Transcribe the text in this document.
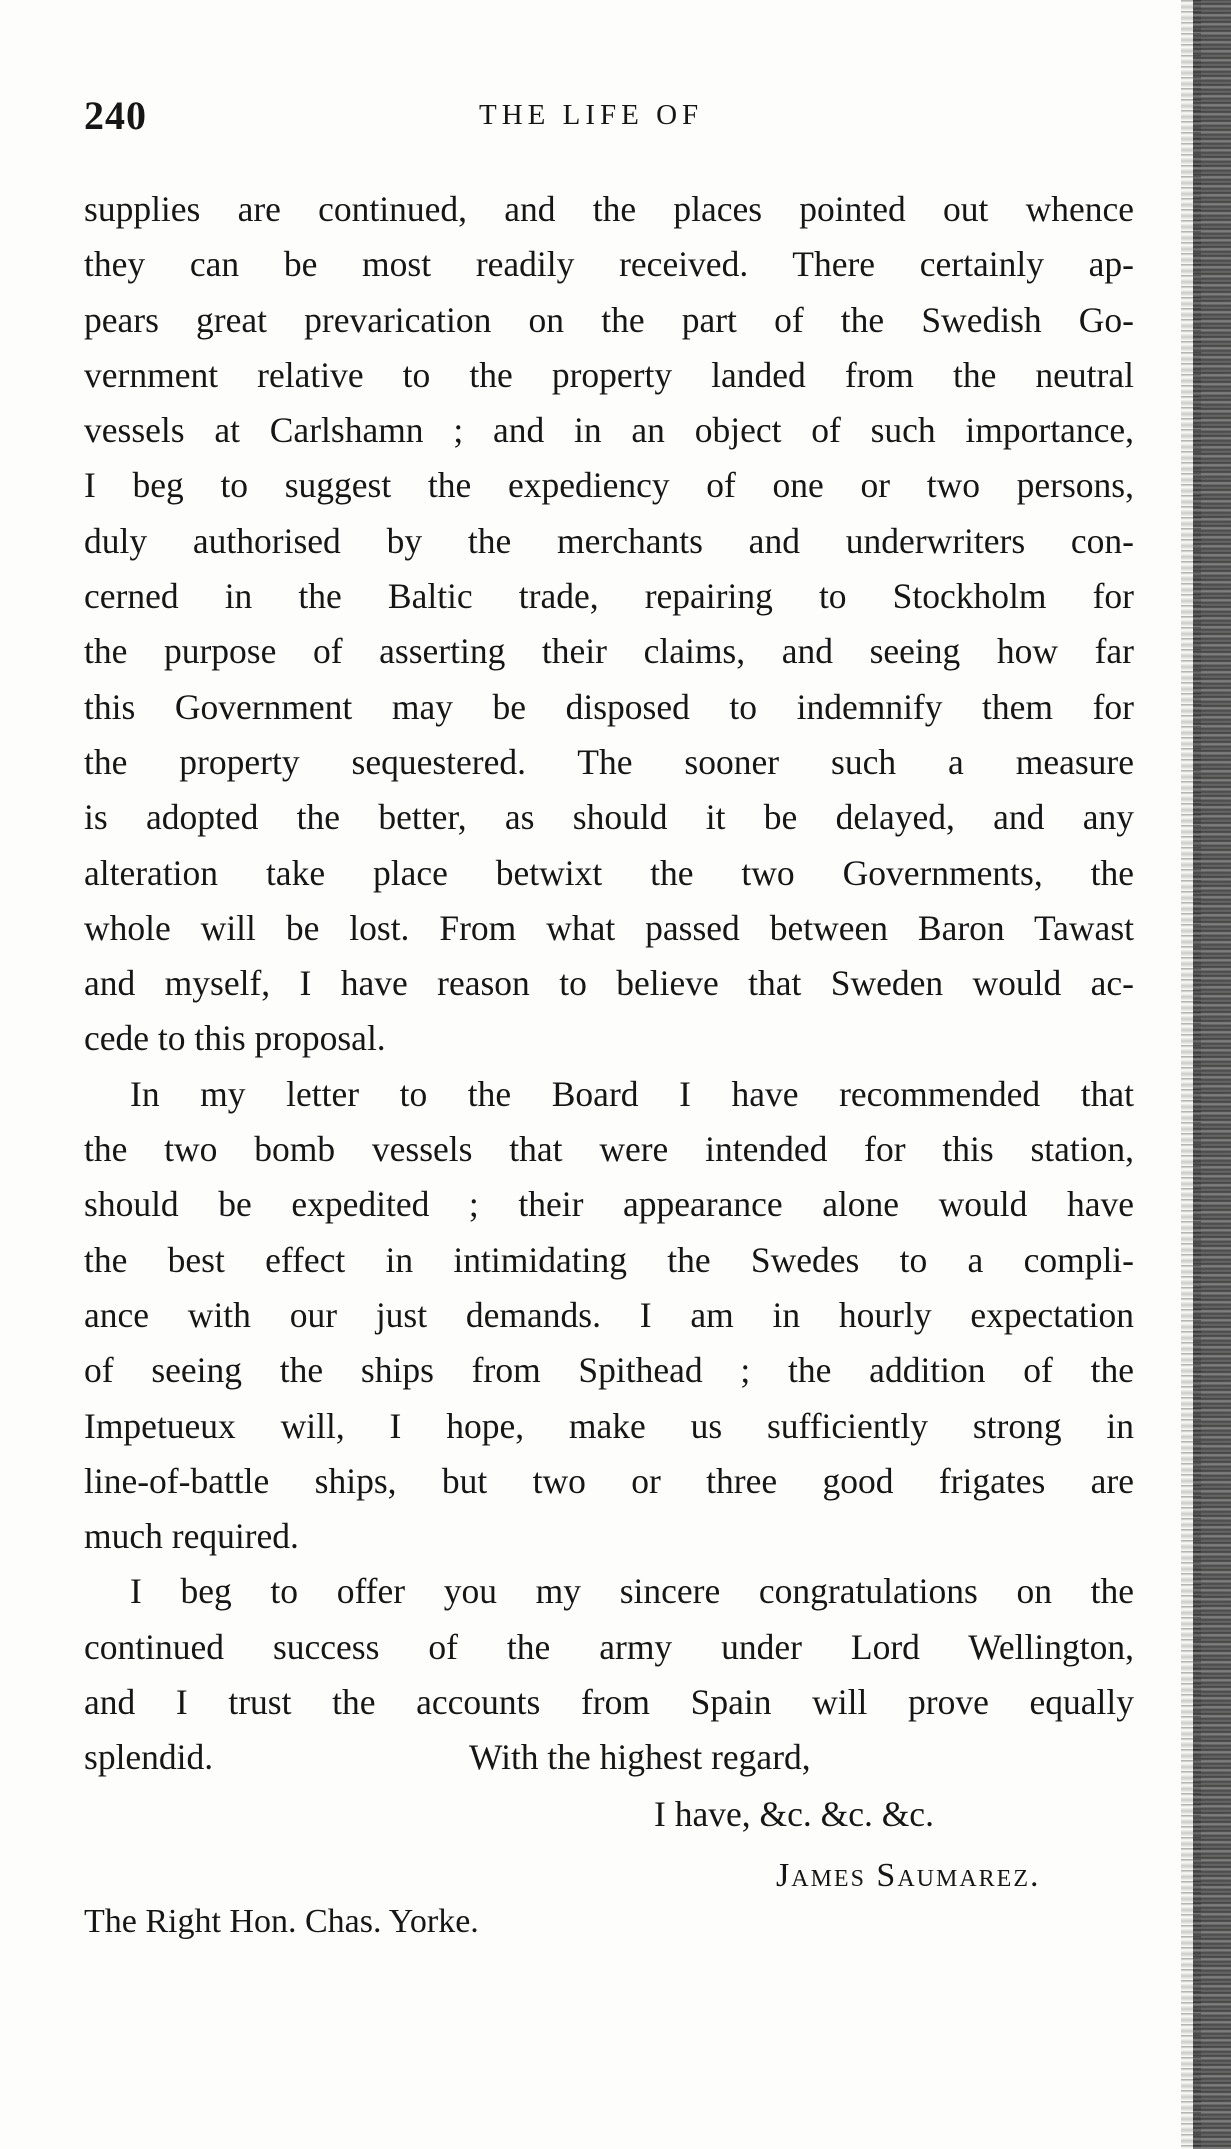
240	THE LIFE OF
supplies are continued, and the places pointed out whence
they can be most readily received. There certainly ap-
pears great prevarication on the part of the Swedish Go-
vernment relative to the property landed from the neutral
vessels at Carlshamn ; and in an object of such importance,
I beg to suggest the expediency of one or two persons,
duly authorised by the merchants and underwriters con-
cerned in the Baltic trade, repairing to Stockholm for
the purpose of asserting their claims, and seeing how far
this Government may be disposed to indemnify them for
the property sequestered. The sooner such a measure
is adopted the better, as should it be delayed, and any
alteration take place betwixt the two Governments, the
whole will be lost. From what passed between Baron Tawast
and myself, I have reason to believe that Sweden would ac-
cede to this proposal.
In my letter to the Board I have recommended that
the two bomb vessels that were intended for this station,
should be expedited ; their appearance alone would have
the best effect in intimidating the Swedes to a compli-
ance with our just demands. I am in hourly expectation
of seeing the ships from Spithead ; the addition of the
Impetueux will, I hope, make us sufficiently strong in
line-of-battle ships, but two or three good frigates are
much required.
I beg to offer you my sincere congratulations on the
continued success of the army under Lord Wellington,
and I trust the accounts from Spain will prove equally
splendid.	With the highest regard,
I have, &c. &c. &c.
James Saumarez.
The Right Hon. Chas. Yorke.
